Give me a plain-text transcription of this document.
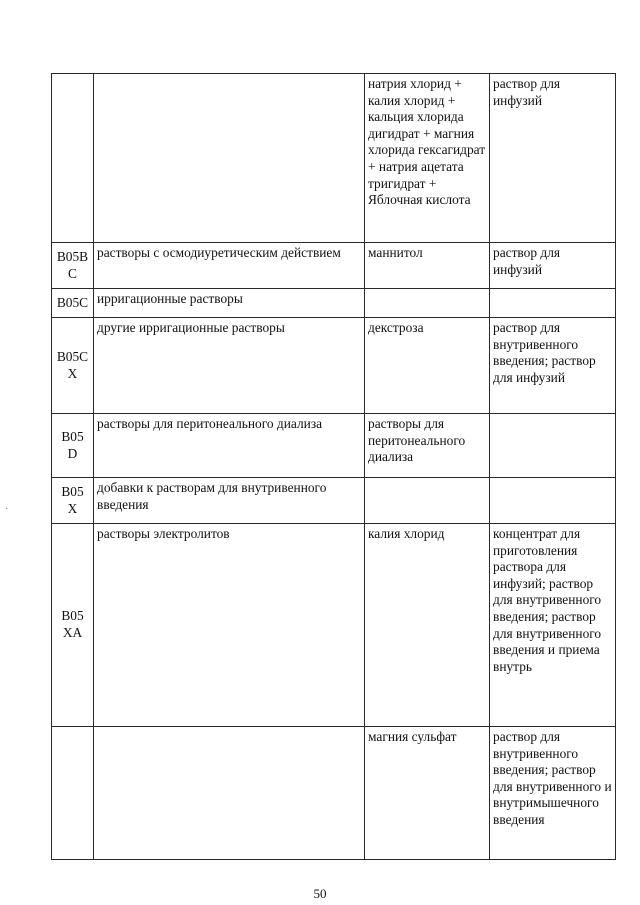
		натрия хлорид + калия хлорид + кальция хлорида дигидрат + магния хлорида гексагидрат + натрия ацетата тригидрат + Яблочная кислота	раствор для инфузий
B05B C	растворы с осмодиуретическим действием	маннитол	раствор для инфузий
B05C	ирригационные растворы		
B05C X	другие ирригационные растворы	декстроза	раствор для внутривенного введения; раствор для инфузий
B05 D	растворы для перитонеального диализа	растворы для перитонеального диализа	
B05 X	добавки к растворам для внутривенного введения		
B05 XA	растворы электролитов	калия хлорид	концентрат для приготовления раствора для инфузий; раствор для внутривенного введения; раствор для внутривенного введения и приема внутрь
		магния сульфат	раствор для внутривенного введения; раствор для внутривенного и внутримышечного введения
·
50
